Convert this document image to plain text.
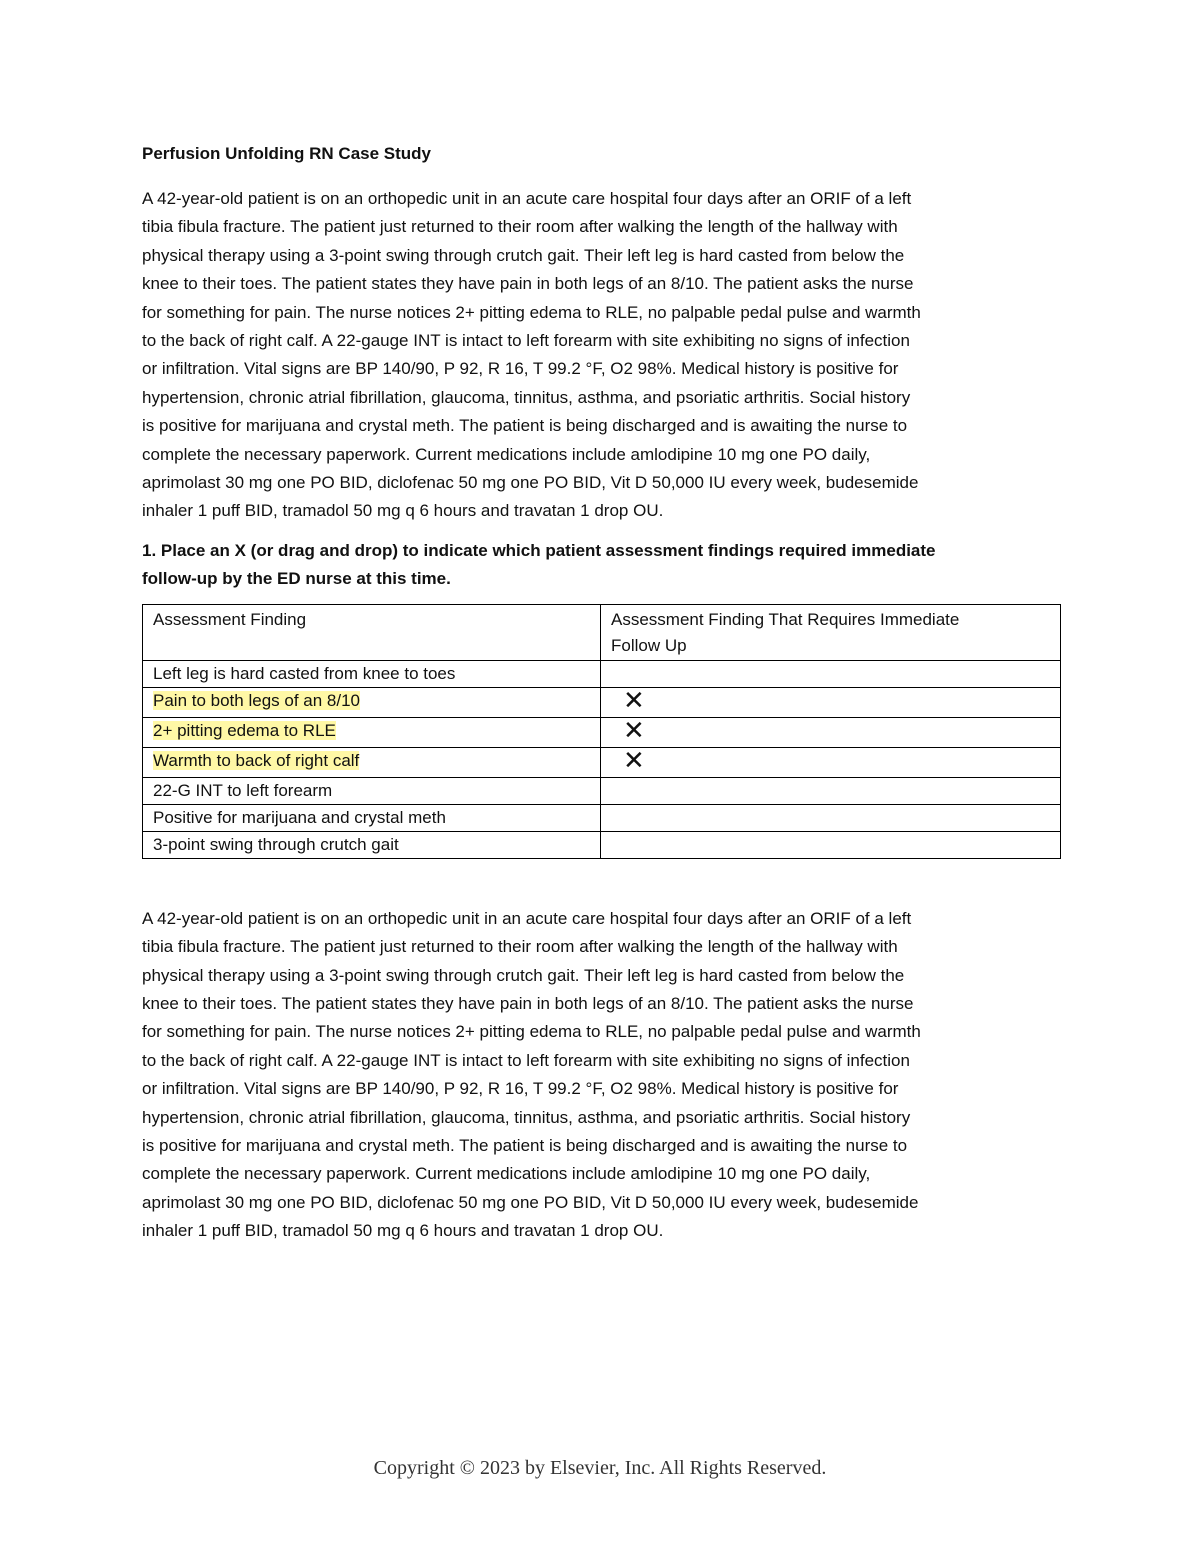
Perfusion Unfolding RN Case Study

A 42-year-old patient is on an orthopedic unit in an acute care hospital four days after an ORIF of a left
tibia fibula fracture. The patient just returned to their room after walking the length of the hallway with
physical therapy using a 3-point swing through crutch gait. Their left leg is hard casted from below the
knee to their toes. The patient states they have pain in both legs of an 8/10. The patient asks the nurse
for something for pain. The nurse notices 2+ pitting edema to RLE, no palpable pedal pulse and warmth
to the back of right calf. A 22-gauge INT is intact to left forearm with site exhibiting no signs of infection
or infiltration. Vital signs are BP 140/90, P 92, R 16, T 99.2 °F, O2 98%. Medical history is positive for
hypertension, chronic atrial fibrillation, glaucoma, tinnitus, asthma, and psoriatic arthritis. Social history
is positive for marijuana and crystal meth. The patient is being discharged and is awaiting the nurse to
complete the necessary paperwork. Current medications include amlodipine 10 mg one PO daily,
aprimolast 30 mg one PO BID, diclofenac 50 mg one PO BID, Vit D 50,000 IU every week, budesemide
inhaler 1 puff BID, tramadol 50 mg q 6 hours and travatan 1 drop OU.

1. Place an X (or drag and drop) to indicate which patient assessment findings required immediate
follow-up by the ED nurse at this time.

Assessment Finding	Assessment Finding That Requires Immediate
Follow Up
Left leg is hard casted from knee to toes	
Pain to both legs of an 8/10	✕
2+ pitting edema to RLE	✕
Warmth to back of right calf	✕
22-G INT to left forearm	
Positive for marijuana and crystal meth	
3-point swing through crutch gait	

A 42-year-old patient is on an orthopedic unit in an acute care hospital four days after an ORIF of a left
tibia fibula fracture. The patient just returned to their room after walking the length of the hallway with
physical therapy using a 3-point swing through crutch gait. Their left leg is hard casted from below the
knee to their toes. The patient states they have pain in both legs of an 8/10. The patient asks the nurse
for something for pain. The nurse notices 2+ pitting edema to RLE, no palpable pedal pulse and warmth
to the back of right calf. A 22-gauge INT is intact to left forearm with site exhibiting no signs of infection
or infiltration. Vital signs are BP 140/90, P 92, R 16, T 99.2 °F, O2 98%. Medical history is positive for
hypertension, chronic atrial fibrillation, glaucoma, tinnitus, asthma, and psoriatic arthritis. Social history
is positive for marijuana and crystal meth. The patient is being discharged and is awaiting the nurse to
complete the necessary paperwork. Current medications include amlodipine 10 mg one PO daily,
aprimolast 30 mg one PO BID, diclofenac 50 mg one PO BID, Vit D 50,000 IU every week, budesemide
inhaler 1 puff BID, tramadol 50 mg q 6 hours and travatan 1 drop OU.

Copyright © 2023 by Elsevier, Inc. All Rights Reserved.
